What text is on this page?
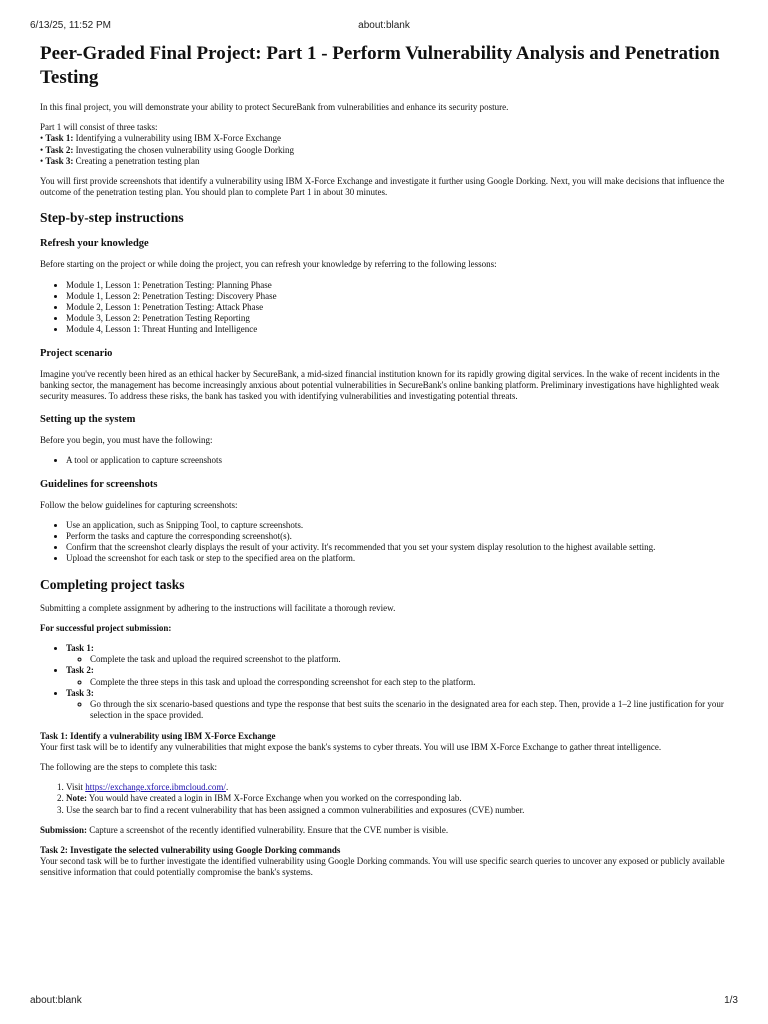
6/13/25, 11:52 PM	about:blank
Peer-Graded Final Project: Part 1 - Perform Vulnerability Analysis and Penetration Testing

In this final project, you will demonstrate your ability to protect SecureBank from vulnerabilities and enhance its security posture.

Part 1 will consist of three tasks:

• Task 1: Identifying a vulnerability using IBM X-Force Exchange
• Task 2: Investigating the chosen vulnerability using Google Dorking
• Task 3: Creating a penetration testing plan

You will first provide screenshots that identify a vulnerability using IBM X-Force Exchange and investigate it further using Google Dorking. Next, you will make decisions that influence the outcome of the penetration testing plan. You should plan to complete Part 1 in about 30 minutes.

Step-by-step instructions
Refresh your knowledge

Before starting on the project or while doing the project, you can refresh your knowledge by referring to the following lessons:

• Module 1, Lesson 1: Penetration Testing: Planning Phase
• Module 1, Lesson 2: Penetration Testing: Discovery Phase
• Module 2, Lesson 1: Penetration Testing: Attack Phase
• Module 3, Lesson 2: Penetration Testing Reporting
• Module 4, Lesson 1: Threat Hunting and Intelligence
Project scenario

Imagine you've recently been hired as an ethical hacker by SecureBank, a mid-sized financial institution known for its rapidly growing digital services. In the wake of recent incidents in the banking sector, the management has become increasingly anxious about potential vulnerabilities in SecureBank's online banking platform. Preliminary investigations have highlighted weak security measures. To address these risks, the bank has tasked you with identifying vulnerabilities and investigating potential threats.

Setting up the system

Before you begin, you must have the following:

• A tool or application to capture screenshots
Guidelines for screenshots

Follow the below guidelines for capturing screenshots:

• Use an application, such as Snipping Tool, to capture screenshots.
• Perform the tasks and capture the corresponding screenshot(s).
• Confirm that the screenshot clearly displays the result of your activity. It's recommended that you set your system display resolution to the highest available setting.
• Upload the screenshot for each task or step to the specified area on the platform.
Completing project tasks

Submitting a complete assignment by adhering to the instructions will facilitate a thorough review.

For successful project submission:

• Task 1:
◦ Complete the task and upload the required screenshot to the platform.
• Task 2:
◦ Complete the three steps in this task and upload the corresponding screenshot for each step to the platform.
• Task 3:
◦ Go through the six scenario-based questions and type the response that best suits the scenario in the designated area for each step. Then, provide a 1–2 line justification for your selection in the space provided.
Task 1: Identify a vulnerability using IBM X-Force Exchange

Your first task will be to identify any vulnerabilities that might expose the bank's systems to cyber threats. You will use IBM X-Force Exchange to gather threat intelligence.

The following are the steps to complete this task:

1. Visit https://exchange.xforce.ibmcloud.com/.
2. Note: You would have created a login in IBM X-Force Exchange when you worked on the corresponding lab.
3. Use the search bar to find a recent vulnerability that has been assigned a common vulnerabilities and exposures (CVE) number.

Submission: Capture a screenshot of the recently identified vulnerability. Ensure that the CVE number is visible.

Task 2: Investigate the selected vulnerability using Google Dorking commands

Your second task will be to further investigate the identified vulnerability using Google Dorking commands. You will use specific search queries to uncover any exposed or publicly available sensitive information that could potentially compromise the bank's systems.

about:blank	1/3
